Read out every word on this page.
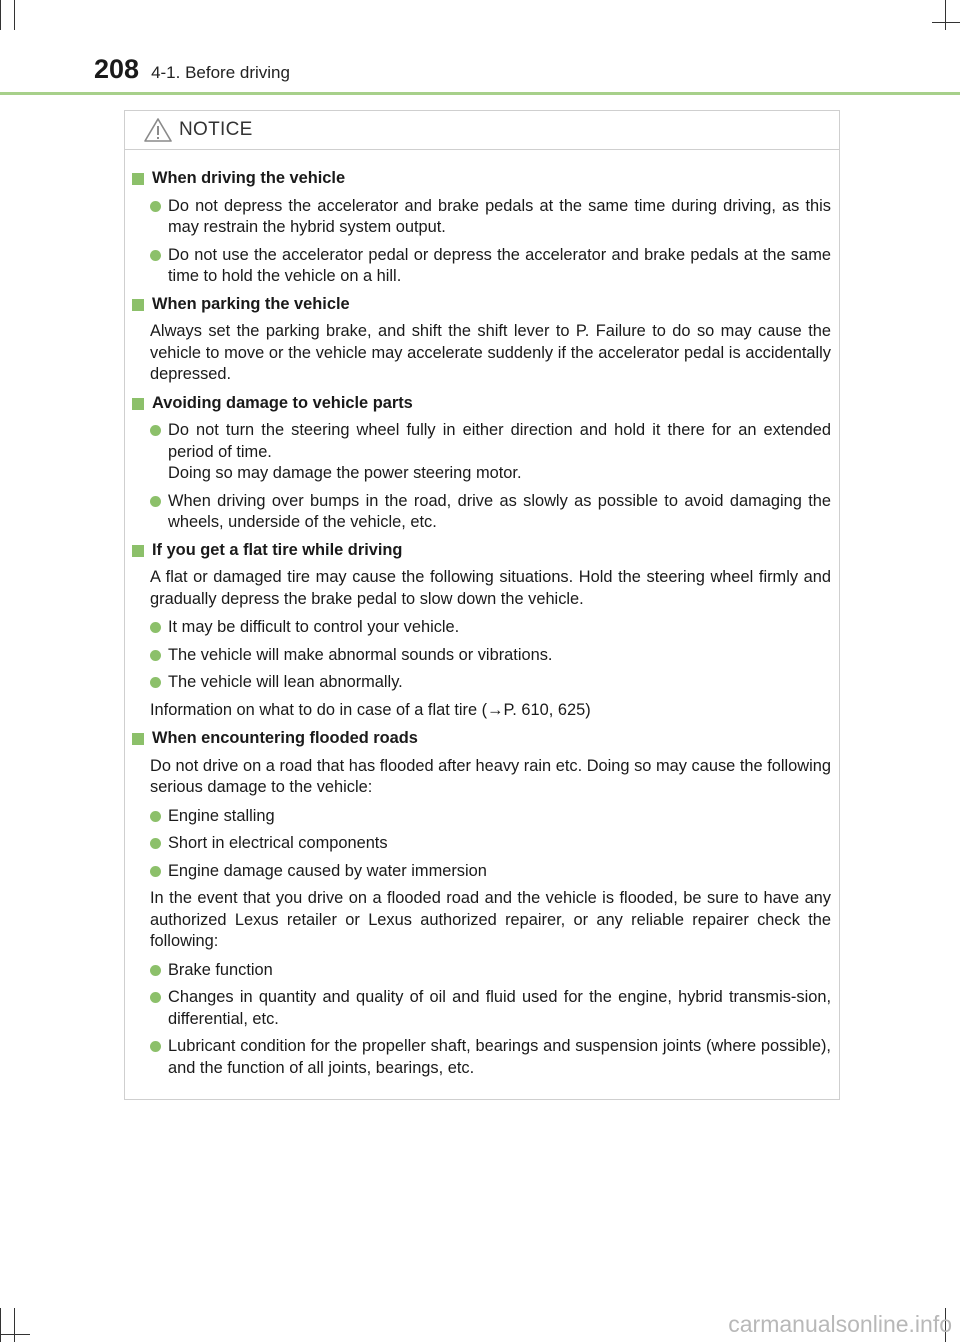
208 4-1. Before driving
NOTICE
When driving the vehicle
Do not depress the accelerator and brake pedals at the same time during driving, as this may restrain the hybrid system output.
Do not use the accelerator pedal or depress the accelerator and brake pedals at the same time to hold the vehicle on a hill.
When parking the vehicle
Always set the parking brake, and shift the shift lever to P. Failure to do so may cause the vehicle to move or the vehicle may accelerate suddenly if the accelerator pedal is accidentally depressed.
Avoiding damage to vehicle parts
Do not turn the steering wheel fully in either direction and hold it there for an extended period of time.
Doing so may damage the power steering motor.
When driving over bumps in the road, drive as slowly as possible to avoid damaging the wheels, underside of the vehicle, etc.
If you get a flat tire while driving
A flat or damaged tire may cause the following situations. Hold the steering wheel firmly and gradually depress the brake pedal to slow down the vehicle.
It may be difficult to control your vehicle.
The vehicle will make abnormal sounds or vibrations.
The vehicle will lean abnormally.
Information on what to do in case of a flat tire (→P. 610, 625)
When encountering flooded roads
Do not drive on a road that has flooded after heavy rain etc. Doing so may cause the following serious damage to the vehicle:
Engine stalling
Short in electrical components
Engine damage caused by water immersion
In the event that you drive on a flooded road and the vehicle is flooded, be sure to have any authorized Lexus retailer or Lexus authorized repairer, or any reliable repairer check the following:
Brake function
Changes in quantity and quality of oil and fluid used for the engine, hybrid transmis-sion, differential, etc.
Lubricant condition for the propeller shaft, bearings and suspension joints (where possible), and the function of all joints, bearings, etc.
carmanualsonline.info
